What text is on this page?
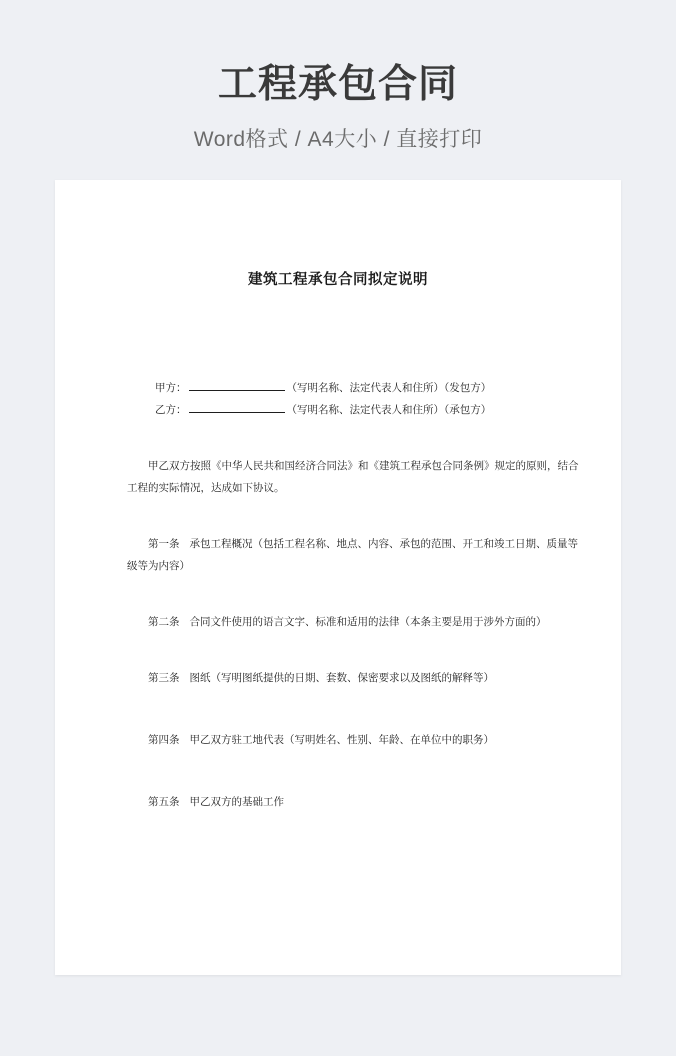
工程承包合同
Word格式 / A4大小 / 直接打印
建筑工程承包合同拟定说明

甲方：	（写明名称、法定代表人和住所）（发包方）

乙方：	（写明名称、法定代表人和住所）（承包方）

甲乙双方按照《中华人民共和国经济合同法》和《建筑工程承包合同条例》规定的原则，结合工程的实际情况，达成如下协议。

第一条 承包工程概况（包括工程名称、地点、内容、承包的范围、开工和竣工日期、质量等级等为内容）

第二条 合同文件使用的语言文字、标准和适用的法律（本条主要是用于涉外方面的）

第三条 图纸（写明图纸提供的日期、套数、保密要求以及图纸的解释等）

第四条 甲乙双方驻工地代表（写明姓名、性别、年龄、在单位中的职务）

第五条 甲乙双方的基础工作
